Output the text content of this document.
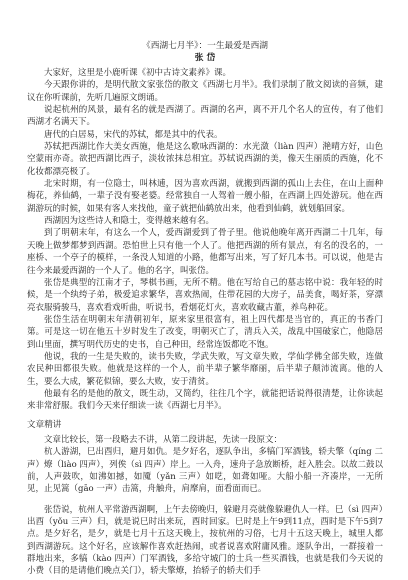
《西湖七月半》：一生最爱是西湖
张 岱

大家好，这里是小鹿听课《初中古诗文素养》课。

今天跟你讲的，是明代散文家张岱的散文《西湖七月半》。我们录制了散文阅读的音频，建议在你听课前，先听几遍原文朗诵。

说起杭州的风景，最有名的就是西湖了。西湖的名声，离不开几个名人的宣传，有了他们西湖才名满天下。

唐代的白居易，宋代的苏轼，都是其中的代表。

苏轼把西湖比作大美女西施，他是这么歌咏西湖的：水光潋（liàn 四声）滟晴方好，山色空蒙雨亦奇。欲把西湖比西子，淡妆浓抹总相宜。苏轼说西湖的美，像天生丽质的西施，化不化妆都漂亮极了。

北宋时期，有一位隐士，叫林逋，因为喜欢西湖，就搬到西湖的孤山上去住，在山上面种梅花，养仙鹤，一辈子没有娶老婆。经常独自一人驾着一艘小船，在西湖上四处游玩。他在西湖游玩的时候，如果有客人来找他，童子就把仙鹤放出来，他看到仙鹤，就划船回家。

西湖因为这些诗人和隐士，变得越来越有名。

到了明朝末年，有这么一个人，爱西湖爱到了骨子里。他说他晚年离开西湖二十几年，每天晚上做梦都梦到西湖。恐怕世上只有他一个人了。他把西湖的所有景点，有名的没名的，一座桥、一个亭子的模样，一条没人知道的小路，他都写出来，写了好几本书。可以说，他是古往今来最爱西湖的一个人了。他的名字，叫张岱。

张岱是典型的江南才子，琴棋书画，无所不精。他在写给自己的墓志铭中说：我年轻的时候，是一个纨绔子弟，极爱追求繁华，喜欢热闹，住带花园的大房子，品美食，喝好茶，穿漂亮衣服骑骏马，喜欢看戏听曲，听说书，看烟花灯火，喜欢收藏古董，养鸟种花。

张岱生活在明朝末年清朝初年，原来家里很富有，祖上四代都是当官的，真正的书香门第。可是这一切在他五十岁时发生了改变，明朝灭亡了，清兵入关，战乱中国破家亡，他隐居到山里面，撰写明代历史的史书，自己种田，经常连饭都吃不饱。

他说，我的一生是失败的，读书失败，学武失败，写文章失败，学仙学佛全部失败，连做农民种田都很失败。他就是这样的一个人，前半辈子繁华靡丽，后半辈子颠沛流离。他的人生，要么大成，繁花似锦，要么大败，安于清贫。

他最有名的是他的散文，既生动，又简约，往往几个字，就能把话说得很清楚，让你读起来非常舒服。我们今天来仔细读一读《西湖七月半》。

文章精讲

文章比较长，第一段略去不讲，从第二段讲起，先读一段原文：

杭人游湖，巳出酉归，避月如仇。是夕好名，逐队争出，多犒门军酒钱，轿夫擎（qíng 二声）燎（liào 四声），列俟（sì 四声）岸上。一入舟，速舟子急放断桥，赶入胜会。以故二鼓以前，人声鼓吹，如沸如撼，如魇（yǎn 三声）如呓，如聋如哑。大船小船一齐凑岸，一无所见，止见篙（gāo 一声）击篙，舟触舟，肩摩肩，面看面而已。

张岱说，杭州人平常游西湖啊，上午去傍晚归，躲避月亮就像躲避仇人一样。巳（sì 四声）出酉（yǒu 三声）归，就是说巳时出来玩，酉时回家。巳时是上午9到11点，酉时是下午5到7点。是夕好名，是夕，就是七月十五这天晚上，按杭州的习俗，七月十五这天晚上，城里人都到西湖游玩。这个好名，应该解作喜欢赶热闹，或者说喜欢附庸风雅。逐队争出，一群接着一群地出来，多犒（kào 四声）门军酒钱，多给守城门的士兵一些买酒钱，也就是我们今天说的小费（目的是请他们晚点关门），轿夫擎燎，抬轿子的轿夫们手
